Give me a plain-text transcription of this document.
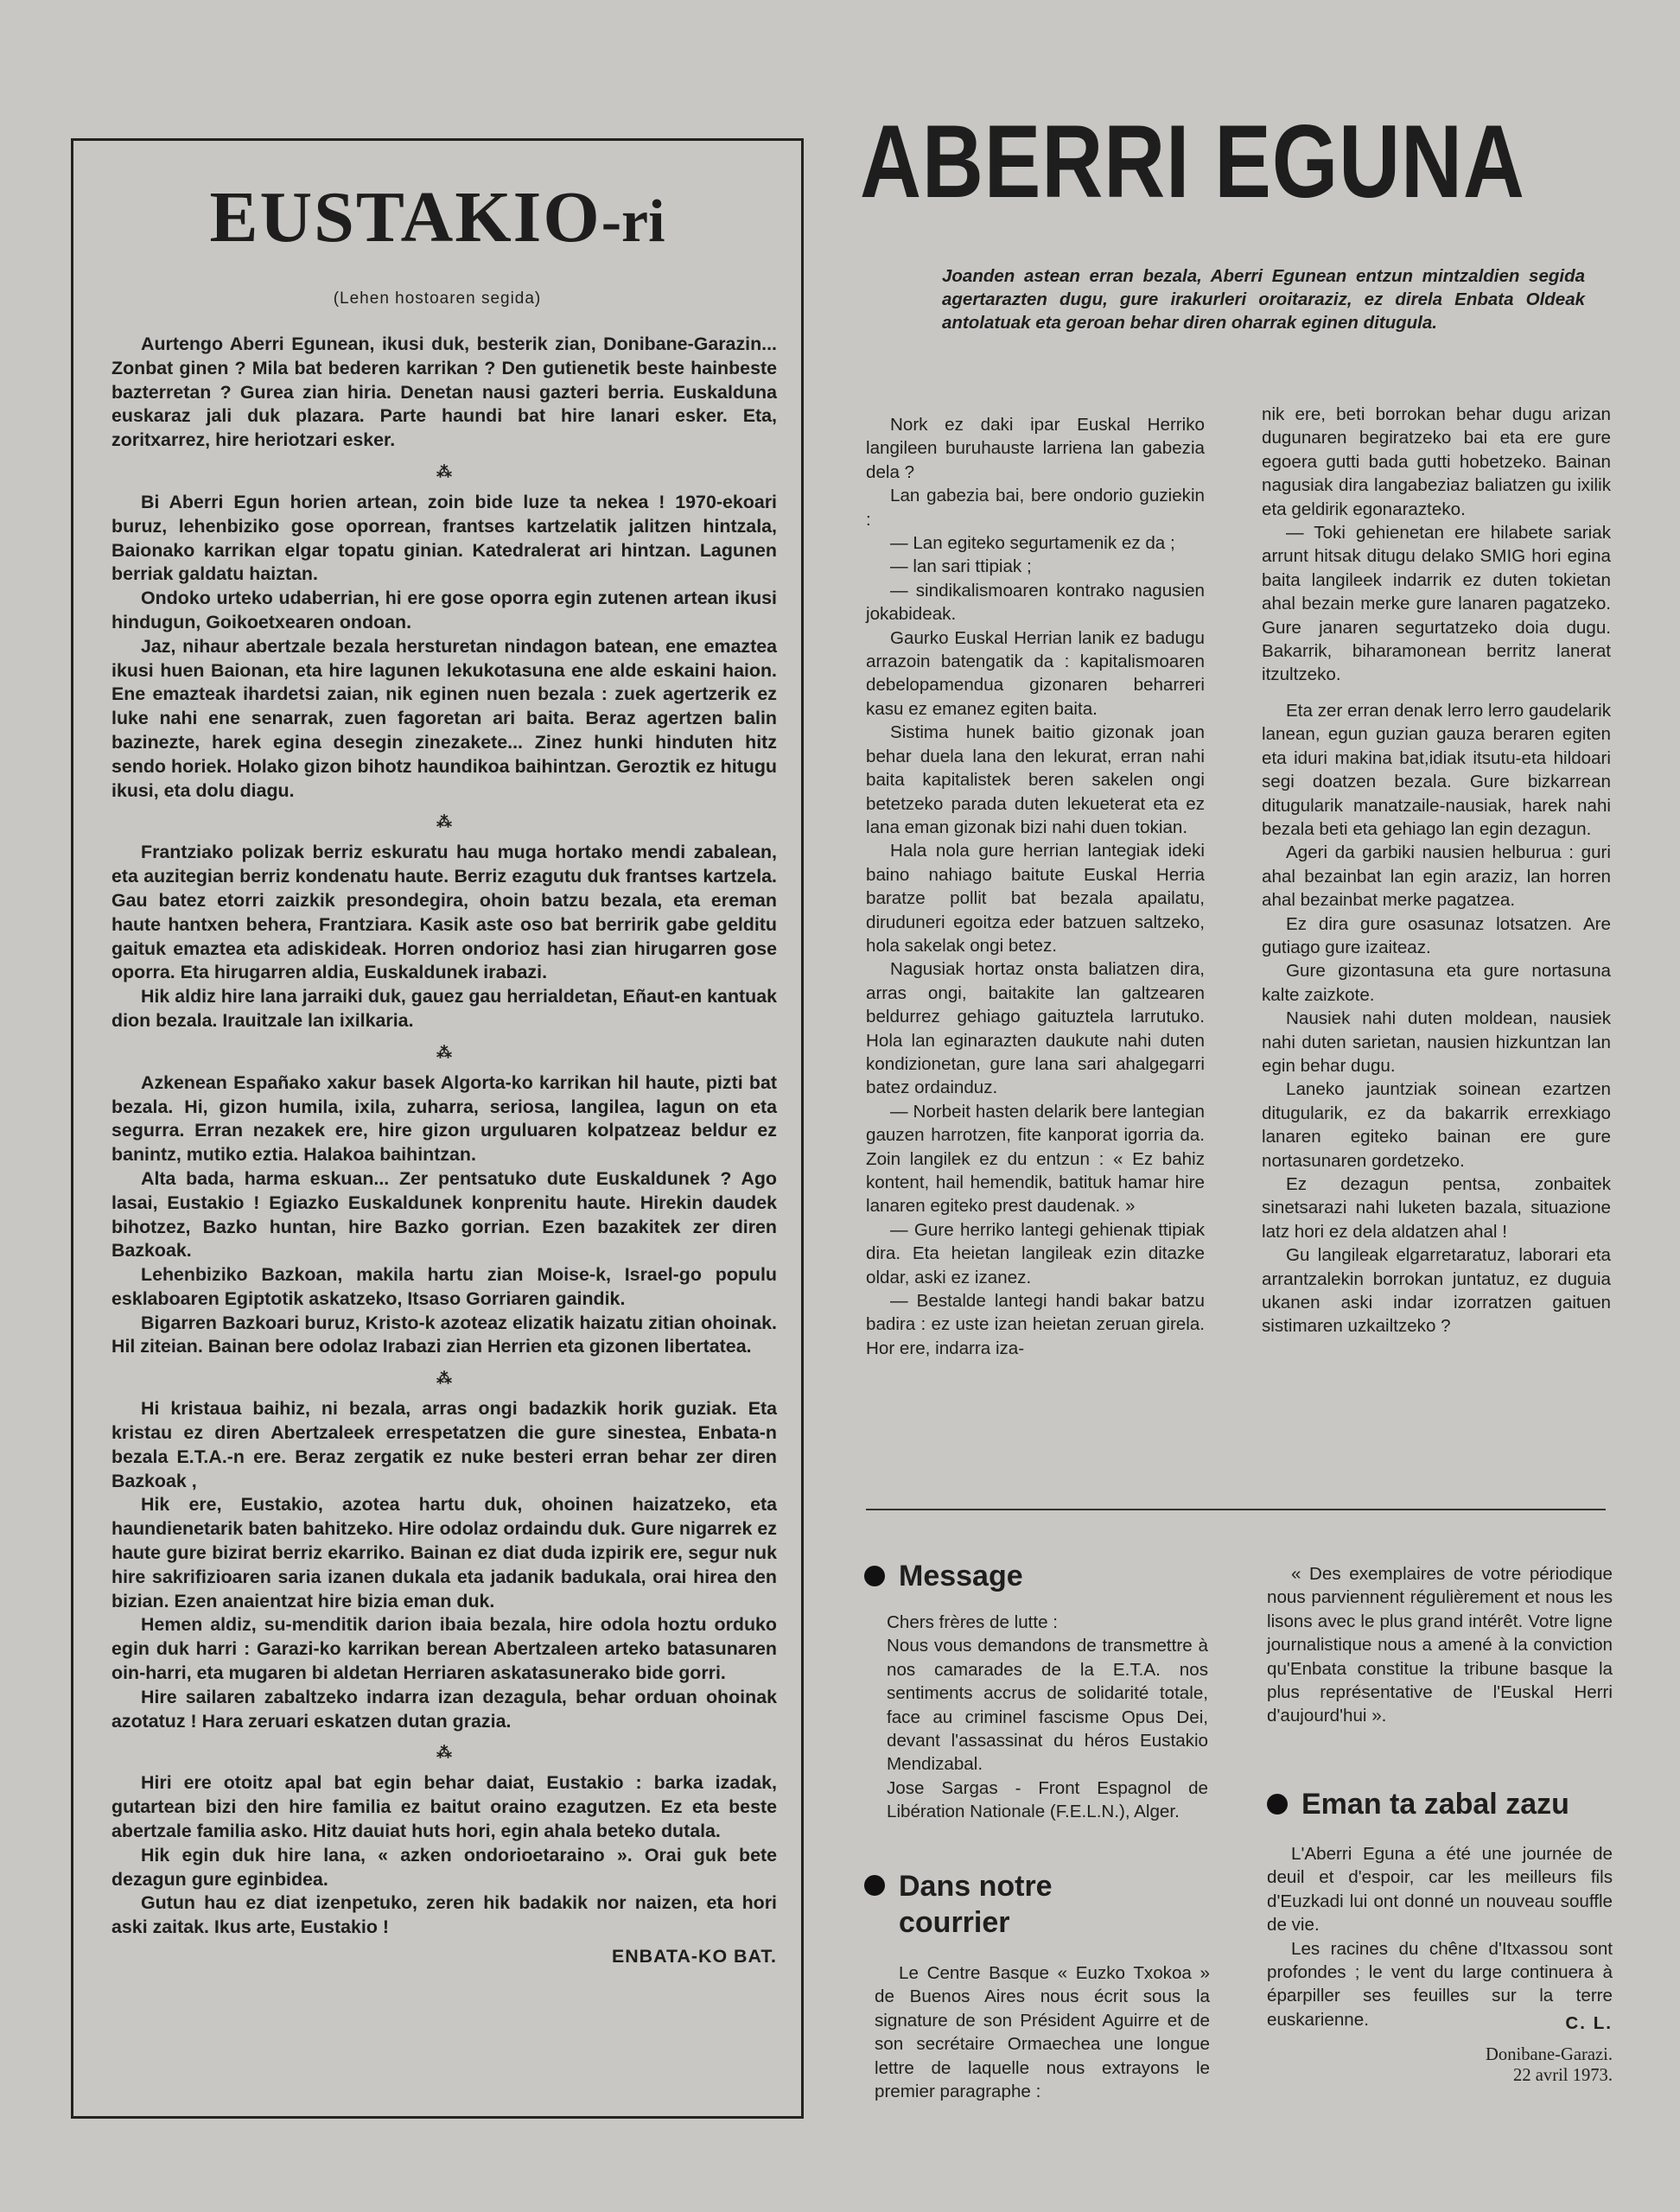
EUSTAKIO-ri
(Lehen hostoaren segida)

Aurtengo Aberri Egunean, ikusi duk, besterik zian, Donibane-Garazin... Zonbat ginen ? Mila bat bederen karrikan ? Den gutienetik beste hainbeste bazterretan ? Gurea zian hiria. Denetan nausi gazteri berria. Euskalduna euskaraz jali duk plazara. Parte haundi bat hire lanari esker. Eta, zoritxarrez, hire heriotzari esker.

⁂

Bi Aberri Egun horien artean, zoin bide luze ta nekea ! 1970-ekoari buruz, lehenbiziko gose oporrean, frantses kartzelatik jalitzen hintzala, Baionako karrikan elgar topatu ginian. Katedralerat ari hintzan. Lagunen berriak galdatu haiztan.

Ondoko urteko udaberrian, hi ere gose oporra egin zutenen artean ikusi hindugun, Goikoetxearen ondoan.

Jaz, nihaur abertzale bezala hersturetan nindagon batean, ene emaztea ikusi huen Baionan, eta hire lagunen lekukotasuna ene alde eskaini haion. Ene emazteak ihardetsi zaian, nik eginen nuen bezala : zuek agertzerik ez luke nahi ene senarrak, zuen fagoretan ari baita. Beraz agertzen balin bazinezte, harek egina desegin zinezakete... Zinez hunki hinduten hitz sendo horiek. Holako gizon bihotz haundikoa baihintzan. Geroztik ez hitugu ikusi, eta dolu diagu.

⁂

Frantziako polizak berriz eskuratu hau muga hortako mendi zabalean, eta auzitegian berriz kondenatu haute. Berriz ezagutu duk frantses kartzela. Gau batez etorri zaizkik presondegira, ohoin batzu bezala, eta ereman haute hantxen behera, Frantziara. Kasik aste oso bat berririk gabe gelditu gaituk emaztea eta adiskideak. Horren ondorioz hasi zian hirugarren gose oporra. Eta hirugarren aldia, Euskaldunek irabazi.

Hik aldiz hire lana jarraiki duk, gauez gau herrialdetan, Eñaut-en kantuak dion bezala. Irauitzale lan ixilkaria.

⁂

Azkenean Españako xakur basek Algorta-ko karrikan hil haute, pizti bat bezala. Hi, gizon humila, ixila, zuharra, seriosa, langilea, lagun on eta segurra. Erran nezakek ere, hire gizon urguluaren kolpatzeaz beldur ez banintz, mutiko eztia. Halakoa baihintzan.

Alta bada, harma eskuan... Zer pentsatuko dute Euskaldunek ? Ago lasai, Eustakio ! Egiazko Euskaldunek konprenitu haute. Hirekin daudek bihotzez, Bazko huntan, hire Bazko gorrian. Ezen bazakitek zer diren Bazkoak.

Lehenbiziko Bazkoan, makila hartu zian Moise-k, Israel-go populu esklaboaren Egiptotik askatzeko, Itsaso Gorriaren gaindik.

Bigarren Bazkoari buruz, Kristo-k azoteaz elizatik haizatu zitian ohoinak. Hil ziteian. Bainan bere odolaz Irabazi zian Herrien eta gizonen libertatea.

⁂

Hi kristaua baihiz, ni bezala, arras ongi badazkik horik guziak. Eta kristau ez diren Abertzaleek errespetatzen die gure sinestea, Enbata-n bezala E.T.A.-n ere. Beraz zergatik ez nuke besteri erran behar zer diren Bazkoak ,

Hik ere, Eustakio, azotea hartu duk, ohoinen haizatzeko, eta haundienetarik baten bahitzeko. Hire odolaz ordaindu duk. Gure nigarrek ez haute gure bizirat berriz ekarriko. Bainan ez diat duda izpirik ere, segur nuk hire sakrifizioaren saria izanen dukala eta jadanik badukala, orai hirea den bizian. Ezen anaientzat hire bizia eman duk.

Hemen aldiz, su-menditik darion ibaia bezala, hire odola hoztu orduko egin duk harri : Garazi-ko karrikan berean Abertzaleen arteko batasunaren oin-harri, eta mugaren bi aldetan Herriaren askatasunerako bide gorri.

Hire sailaren zabaltzeko indarra izan dezagula, behar orduan ohoinak azotatuz ! Hara zeruari eskatzen dutan grazia.

⁂

Hiri ere otoitz apal bat egin behar daiat, Eustakio : barka izadak, gutartean bizi den hire familia ez baitut oraino ezagutzen. Ez eta beste abertzale familia asko. Hitz dauiat huts hori, egin ahala beteko dutala.

Hik egin duk hire lana, « azken ondorioetaraino ». Orai guk bete dezagun gure eginbidea.

Gutun hau ez diat izenpetuko, zeren hik badakik nor naizen, eta hori aski zaitak. Ikus arte, Eustakio !

ENBATA-KO BAT.

ABERRI EGUNA
Joanden astean erran bezala, Aberri Egunean entzun mintzaldien segida agertarazten dugu, gure irakurleri oroitaraziz, ez direla Enbata Oldeak antolatuak eta geroan behar diren oharrak eginen ditugula.

Nork ez daki ipar Euskal Herriko langileen buruhauste larriena lan gabezia dela ?

Lan gabezia bai, bere ondorio guziekin :

— Lan egiteko segurtamenik ez da ;

— lan sari ttipiak ;

— sindikalismoaren kontrako nagusien jokabideak.

Gaurko Euskal Herrian lanik ez badugu arrazoin batengatik da : kapitalismoaren debelopamendua gizonaren beharreri kasu ez emanez egiten baita.

Sistima hunek baitio gizonak joan behar duela lana den lekurat, erran nahi baita kapitalistek beren sakelen ongi betetzeko parada duten lekueterat eta ez lana eman gizonak bizi nahi duen tokian.

Hala nola gure herrian lantegiak ideki baino nahiago baitute Euskal Herria baratze pollit bat bezala apailatu, diruduneri egoitza eder batzuen saltzeko, hola sakelak ongi betez.

Nagusiak hortaz onsta baliatzen dira, arras ongi, baitakite lan galtzearen beldurrez gehiago gaituztela larrutuko. Hola lan eginarazten daukute nahi duten kondizionetan, gure lana sari ahalgegarri batez ordainduz.

— Norbeit hasten delarik bere lantegian gauzen harrotzen, fite kanporat igorria da. Zoin langilek ez du entzun : « Ez bahiz kontent, hail hemendik, batituk hamar hire lanaren egiteko prest daudenak. »

— Gure herriko lantegi gehienak ttipiak dira. Eta heietan langileak ezin ditazke oldar, aski ez izanez.

— Bestalde lantegi handi bakar batzu badira : ez uste izan heietan zeruan girela. Hor ere, indarra iza-

nik ere, beti borrokan behar dugu arizan dugunaren begiratzeko bai eta ere gure egoera gutti bada gutti hobetzeko. Bainan nagusiak dira langabeziaz baliatzen gu ixilik eta geldirik egonarazteko.

— Toki gehienetan ere hilabete sariak arrunt hitsak ditugu delako SMIG hori egina baita langileek indarrik ez duten tokietan ahal bezain merke gure lanaren pagatzeko. Gure janaren segurtatzeko doia dugu. Bakarrik, biharamonean berritz lanerat itzultzeko.

Eta zer erran denak lerro lerro gaudelarik lanean, egun guzian gauza beraren egiten eta iduri makina bat,idiak itsutu-eta hildoari segi doatzen bezala. Gure bizkarrean ditugularik manatzaile-nausiak, harek nahi bezala beti eta gehiago lan egin dezagun.

Ageri da garbiki nausien helburua : guri ahal bezainbat lan egin araziz, lan horren ahal bezainbat merke pagatzea.

Ez dira gure osasunaz lotsatzen. Are gutiago gure izaiteaz.

Gure gizontasuna eta gure nortasuna kalte zaizkote.

Nausiek nahi duten moldean, nausiek nahi duten sarietan, nausien hizkuntzan lan egin behar dugu.

Laneko jauntziak soinean ezartzen ditugularik, ez da bakarrik errexkiago lanaren egiteko bainan ere gure nortasunaren gordetzeko.

Ez dezagun pentsa, zonbaitek sinetsarazi nahi luketen bazala, situazione latz hori ez dela aldatzen ahal !

Gu langileak elgarretaratuz, laborari eta arrantzalekin borrokan juntatuz, ez duguia ukanen aski indar izorratzen gaituen sistimaren uzkailtzeko ?

Message

Chers frères de lutte :

Nous vous demandons de transmettre à nos camarades de la E.T.A. nos sentiments accrus de solidarité totale, face au criminel fascisme Opus Dei, devant l'assassinat du héros Eustakio Mendizabal.

Jose Sargas - Front Espagnol de Libération Nationale (F.E.L.N.), Alger.

Dans notre
courrier

Le Centre Basque « Euzko Txokoa » de Buenos Aires nous écrit sous la signature de son Président Aguirre et de son secrétaire Ormaechea une longue lettre de laquelle nous extrayons le premier paragraphe :

« Des exemplaires de votre périodique nous parviennent régulièrement et nous les lisons avec le plus grand intérêt. Votre ligne journalistique nous a amené à la conviction qu'Enbata constitue la tribune basque la plus représentative de l'Euskal Herri d'aujourd'hui ».

Eman ta zabal zazu

L'Aberri Eguna a été une journée de deuil et d'espoir, car les meilleurs fils d'Euzkadi lui ont donné un nouveau souffle de vie.

Les racines du chêne d'Itxassou sont profondes ; le vent du large continuera à éparpiller ses feuilles sur la terre euskarienne.	C. L.
Donibane-Garazi.
22 avril 1973.
